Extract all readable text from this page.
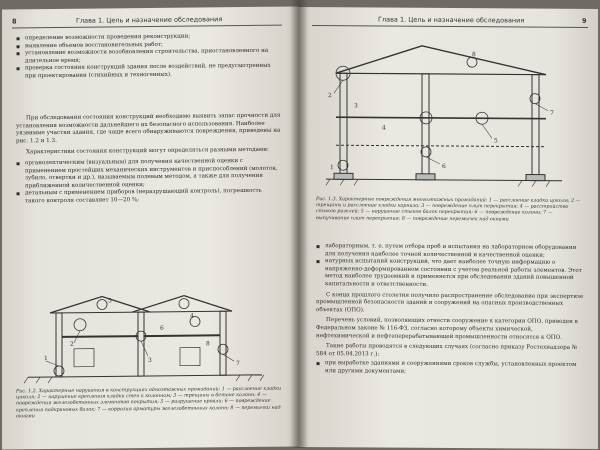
8	Глава 1. Цель и назначение обследования

▪ определение возможности проведения реконструкции;

▪ выявление объемов восстановительных работ;

▪ установление возможности возобновления строительства, приостановленного на длительное время;

▪ проверка состояния конструкций здания после воздействий, не предусмотренных при проектировании (стихийных и техногенных).

При обследовании состояния конструкций необходимо выявить запас прочности для установления возможности дальнейшего их безопасного использования. Наиболее уязвимые участки здания, где чаще всего обнаруживаются повреждения, приведены на рис. 1.2 и 1.3.

Характеристики состояния конструкций могут определяться разными методами:

▪ органолептическим (визуальным) для получения качественной оценки с применением простейших механических инструментов и приспособлений (молоток, зубило, отвертки и др.), называемым полевым методом, а также для получения приближенной количественной оценки;

▪ детальным с применением приборов (неразрушающий контроль), погрешность такого контроля составляет 10—20 %;

1
2
3	7
4
5
6
8
Рис. 1.2. Характерные нарушения в конструкциях одноэтажных промзданий: 1 — расслоение кладки цоколя; 2 — нарушение крепления кладки стен к колоннам; 3 — трещины в бетоне колонн; 4 — повреждения железобетонных элементов покрытия; 5 — разрушение кровли; 6 — повреждение крепления подкрановых балок; 7 — коррозия арматуры железобетонных колонн; 8 — перемычки над окнами
Глава 1. Цель и назначение обследования	9
2
3
4
5
6
7
8
1
Рис. 1.3. Характерные повреждения многоэтажных промзданий: 1 — расслоение кладки цоколя; 2 — трещины и расслоение кладки карниза; 3 — повреждение плит перекрытия; 4 — расстройство стыков ригелей; 5 — нарушение стыков балок перекрытия; 6 — повреждение колонн; 7 — выпучивание плит перекрытия; 8 — повреждение перемычек над окнами

▪ лабораторным, т. е. путем отбора проб и испытания на лабораторном оборудовании для получения наиболее точной количественной и качественной оценки;

▪ натурных испытаний конструкций, что дает наиболее точную информацию о напряженно-деформированном состоянии с учетом реальной работы элементов. Этот метод наиболее трудоемкий и применяется при обследовании зданий повышенной капитальности и ответственности.

С конца прошлого столетия получило распространение обследование при экспертизе промышленной безопасности зданий и сооружений на опасных производственных объектах (ОПО).

Перечень условий, позволяющих отнести сооружение к категории ОПО, приведен в Федеральном законе № 116-ФЗ, согласно которому объекты химической, нефтехимической и нефтеперерабатывающей промышленности относятся к ОПО.

Такие работы проводятся в следующих случаях (согласно приказу Ростехнадзора № 584 от 05.04.2013 г.):

▪ при выработке зданиями и сооружениями сроков службы, установленных проектом или другими документами;
